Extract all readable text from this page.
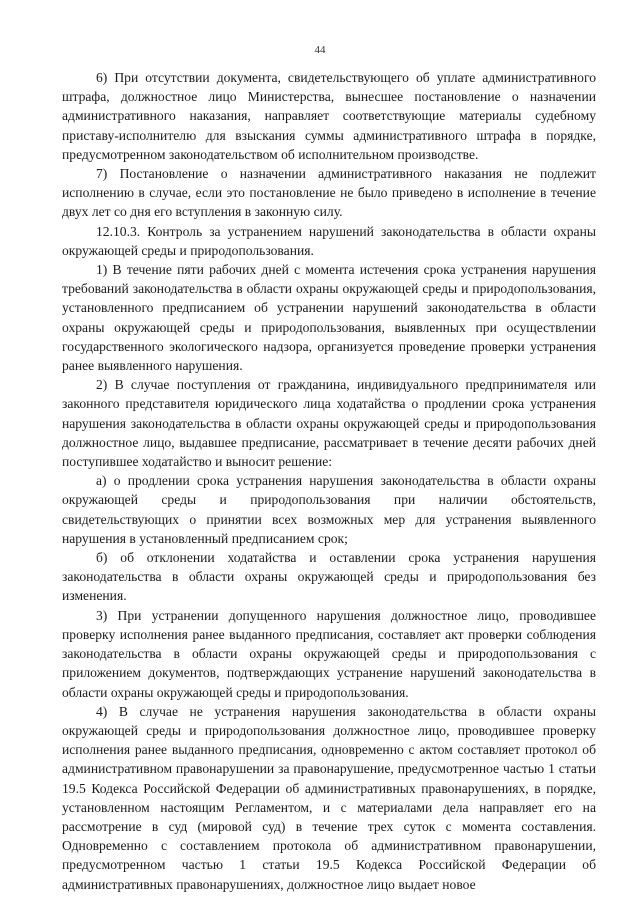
44

6) При отсутствии документа, свидетельствующего об уплате административного штрафа, должностное лицо Министерства, вынесшее постановление о назначении административного наказания, направляет соответствующие материалы судебному приставу-исполнителю для взыскания суммы административного штрафа в порядке, предусмотренном законодательством об исполнительном производстве.

7) Постановление о назначении административного наказания не подлежит исполнению в случае, если это постановление не было приведено в исполнение в течение двух лет со дня его вступления в законную силу.

12.10.3. Контроль за устранением нарушений законодательства в области охраны окружающей среды и природопользования.

1) В течение пяти рабочих дней с момента истечения срока устранения нарушения требований законодательства в области охраны окружающей среды и природопользования, установленного предписанием об устранении нарушений законодательства в области охраны окружающей среды и природопользования, выявленных при осуществлении государственного экологического надзора, организуется проведение проверки устранения ранее выявленного нарушения.

2) В случае поступления от гражданина, индивидуального предпринимателя или законного представителя юридического лица ходатайства о продлении срока устранения нарушения законодательства в области охраны окружающей среды и природопользования должностное лицо, выдавшее предписание, рассматривает в течение десяти рабочих дней поступившее ходатайство и выносит решение:

а) о продлении срока устранения нарушения законодательства в области охраны окружающей среды и природопользования при наличии обстоятельств, свидетельствующих о принятии всех возможных мер для устранения выявленного нарушения в установленный предписанием срок;

б) об отклонении ходатайства и оставлении срока устранения нарушения законодательства в области охраны окружающей среды и природопользования без изменения.

3) При устранении допущенного нарушения должностное лицо, проводившее проверку исполнения ранее выданного предписания, составляет акт проверки соблюдения законодательства в области охраны окружающей среды и природопользования с приложением документов, подтверждающих устранение нарушений законодательства в области охраны окружающей среды и природопользования.

4) В случае не устранения нарушения законодательства в области охраны окружающей среды и природопользования должностное лицо, проводившее проверку исполнения ранее выданного предписания, одновременно с актом составляет протокол об административном правонарушении за правонарушение, предусмотренное частью 1 статьи 19.5 Кодекса Российской Федерации об административных правонарушениях, в порядке, установленном настоящим Регламентом, и с материалами дела направляет его на рассмотрение в суд (мировой суд) в течение трех суток с момента составления. Одновременно с составлением протокола об административном правонарушении, предусмотренном частью 1 статьи 19.5 Кодекса Российской Федерации об административных правонарушениях, должностное лицо выдает новое
